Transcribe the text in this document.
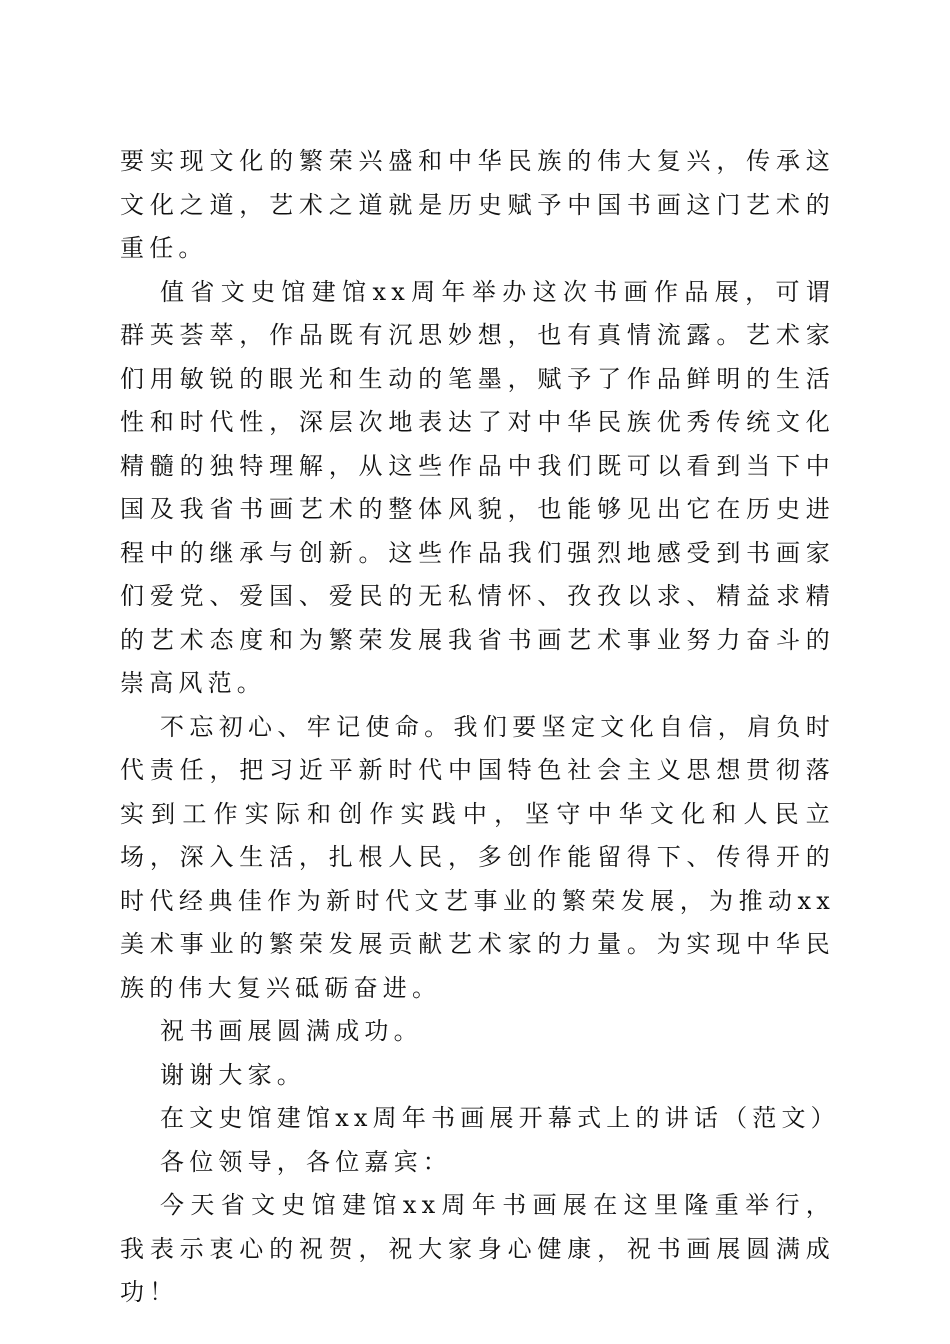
要实现文化的繁荣兴盛和中华民族的伟大复兴，传承这文化之道，艺术之道就是历史赋予中国书画这门艺术的重任。

值省文史馆建馆xx周年举办这次书画作品展，可谓群英荟萃，作品既有沉思妙想，也有真情流露。艺术家们用敏锐的眼光和生动的笔墨，赋予了作品鲜明的生活性和时代性，深层次地表达了对中华民族优秀传统文化精髓的独特理解，从这些作品中我们既可以看到当下中国及我省书画艺术的整体风貌，也能够见出它在历史进程中的继承与创新。这些作品我们强烈地感受到书画家们爱党、爱国、爱民的无私情怀、孜孜以求、精益求精的艺术态度和为繁荣发展我省书画艺术事业努力奋斗的崇高风范。

不忘初心、牢记使命。我们要坚定文化自信，肩负时代责任，把习近平新时代中国特色社会主义思想贯彻落实到工作实际和创作实践中，坚守中华文化和人民立场，深入生活，扎根人民，多创作能留得下、传得开的时代经典佳作为新时代文艺事业的繁荣发展，为推动xx美术事业的繁荣发展贡献艺术家的力量。为实现中华民族的伟大复兴砥砺奋进。

祝书画展圆满成功。

谢谢大家。

在文史馆建馆xx周年书画展开幕式上的讲话（范文）

各位领导，各位嘉宾：

今天省文史馆建馆xx周年书画展在这里隆重举行，我表示衷心的祝贺，祝大家身心健康，祝书画展圆满成功！
